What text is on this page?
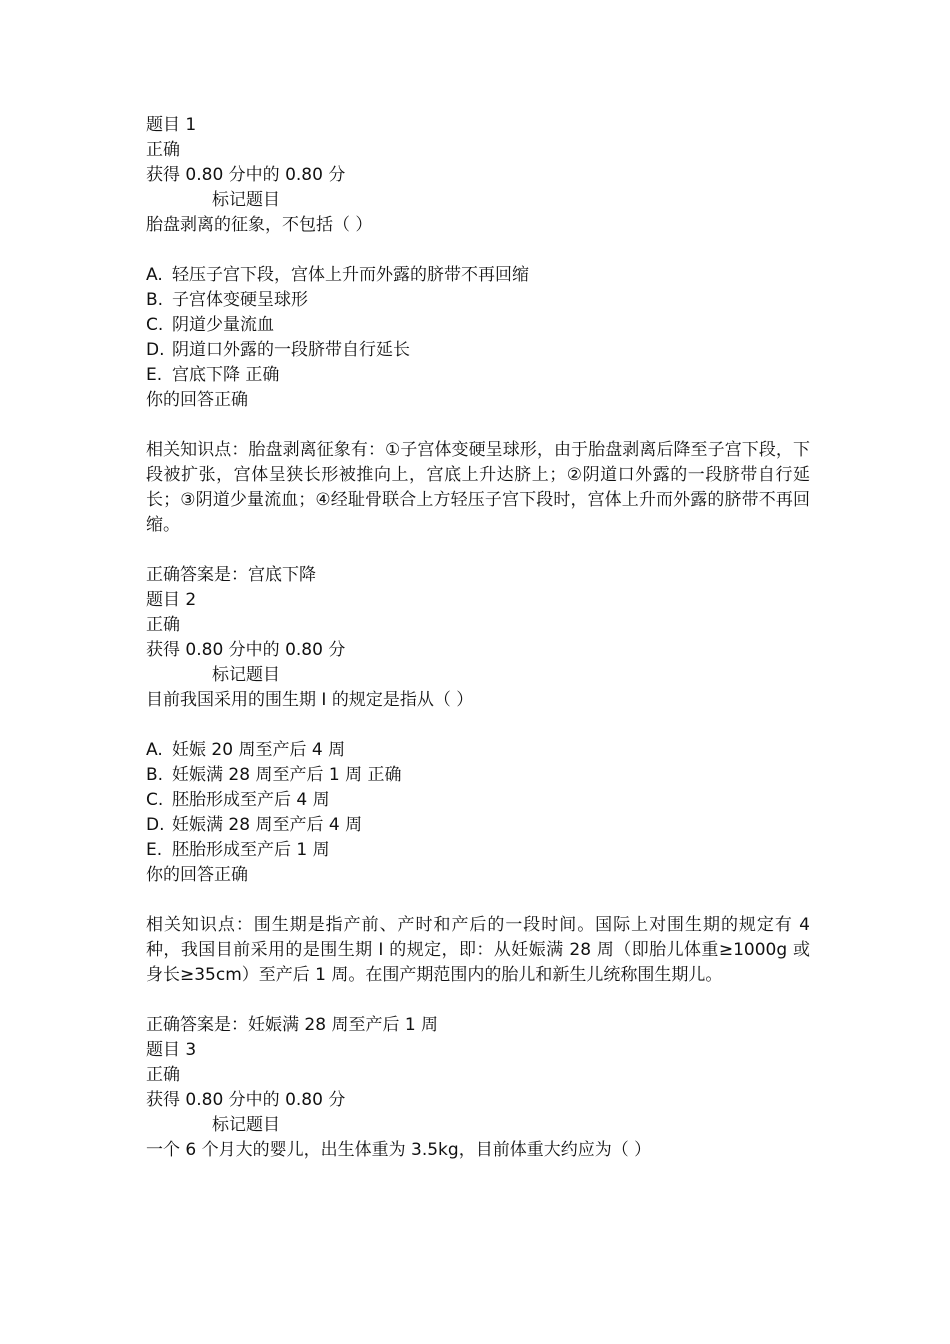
题目 1

正确

获得 0.80 分中的 0.80 分

标记题目

胎盘剥离的征象，不包括（ ）

A. 轻压子宫下段，宫体上升而外露的脐带不再回缩

B. 子宫体变硬呈球形

C. 阴道少量流血

D. 阴道口外露的一段脐带自行延长

E. 宫底下降 正确

你的回答正确

相关知识点：胎盘剥离征象有：①子宫体变硬呈球形，由于胎盘剥离后降至子宫下段，下段被扩张，宫体呈狭长形被推向上，宫底上升达脐上；②阴道口外露的一段脐带自行延长；③阴道少量流血；④经耻骨联合上方轻压子宫下段时，宫体上升而外露的脐带不再回缩。

正确答案是：宫底下降

题目 2

正确

获得 0.80 分中的 0.80 分

标记题目

目前我国采用的围生期 I 的规定是指从（ ）

A. 妊娠 20 周至产后 4 周

B. 妊娠满 28 周至产后 1 周 正确

C. 胚胎形成至产后 4 周

D. 妊娠满 28 周至产后 4 周

E. 胚胎形成至产后 1 周

你的回答正确

相关知识点：围生期是指产前、产时和产后的一段时间。国际上对围生期的规定有 4 种，我国目前采用的是围生期 I 的规定，即：从妊娠满 28 周（即胎儿体重≥1000g 或身长≥35cm）至产后 1 周。在围产期范围内的胎儿和新生儿统称围生期儿。

正确答案是：妊娠满 28 周至产后 1 周

题目 3

正确

获得 0.80 分中的 0.80 分

标记题目

一个 6 个月大的婴儿，出生体重为 3.5kg，目前体重大约应为（ ）
